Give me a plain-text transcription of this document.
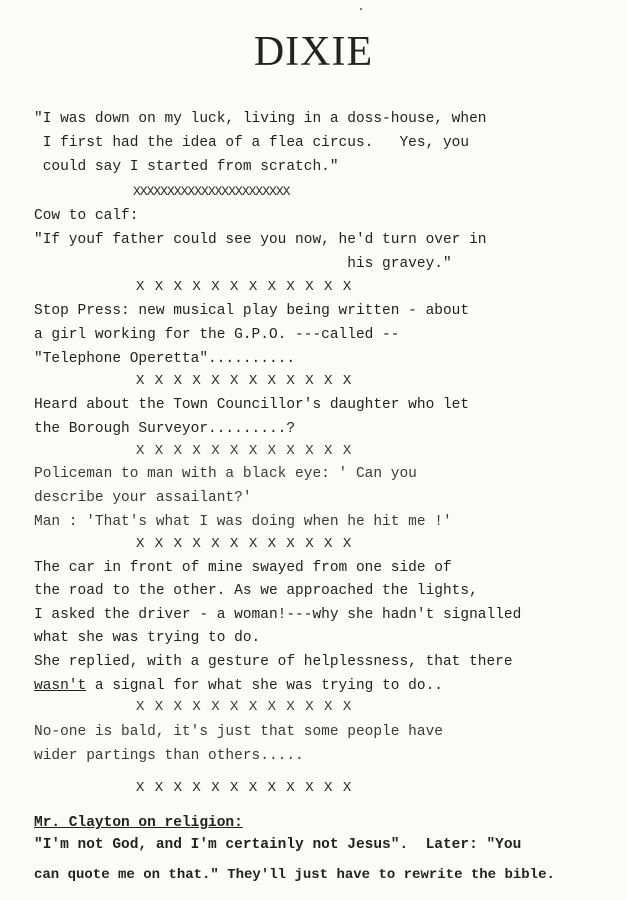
DIXIE
"I was down on my luck, living in a doss-house, when
I first had the idea of a flea circus.   Yes, you
could say I started from scratch."
XXXXXXXXXXXXXXXXXXXXXXX
Cow to calf:
"If youf father could see you now, he'd turn over in
his gravey."
X X X X X X X X X X X X
Stop Press: new musical play being written - about
a girl working for the G.P.O. ---called --
"Telephone Operetta"..........
X X X X X X X X X X X X
Heard about the Town Councillor's daughter who let
the Borough Surveyor.........?
X X X X X X X X X X X X
Policeman to man with a black eye: ' Can you
describe your assailant?'
Man : 'That's what I was doing when he hit me !'
X X X X X X X X X X X X
The car in front of mine swayed from one side of
the road to the other. As we approached the lights,
I asked the driver - a woman!---why she hadn't signalled
what she was trying to do.
She replied, with a gesture of helplessness, that there
wasn't a signal for what she was trying to do..
X X X X X X X X X X X X
No-one is bald, it's just that some people have
wider partings than others.....
X X X X X X X X X X X X
Mr. Clayton on religion:
"I'm not God, and I'm certainly not Jesus".  Later: "You
can quote me on that." They'll just have to rewrite the bible.
